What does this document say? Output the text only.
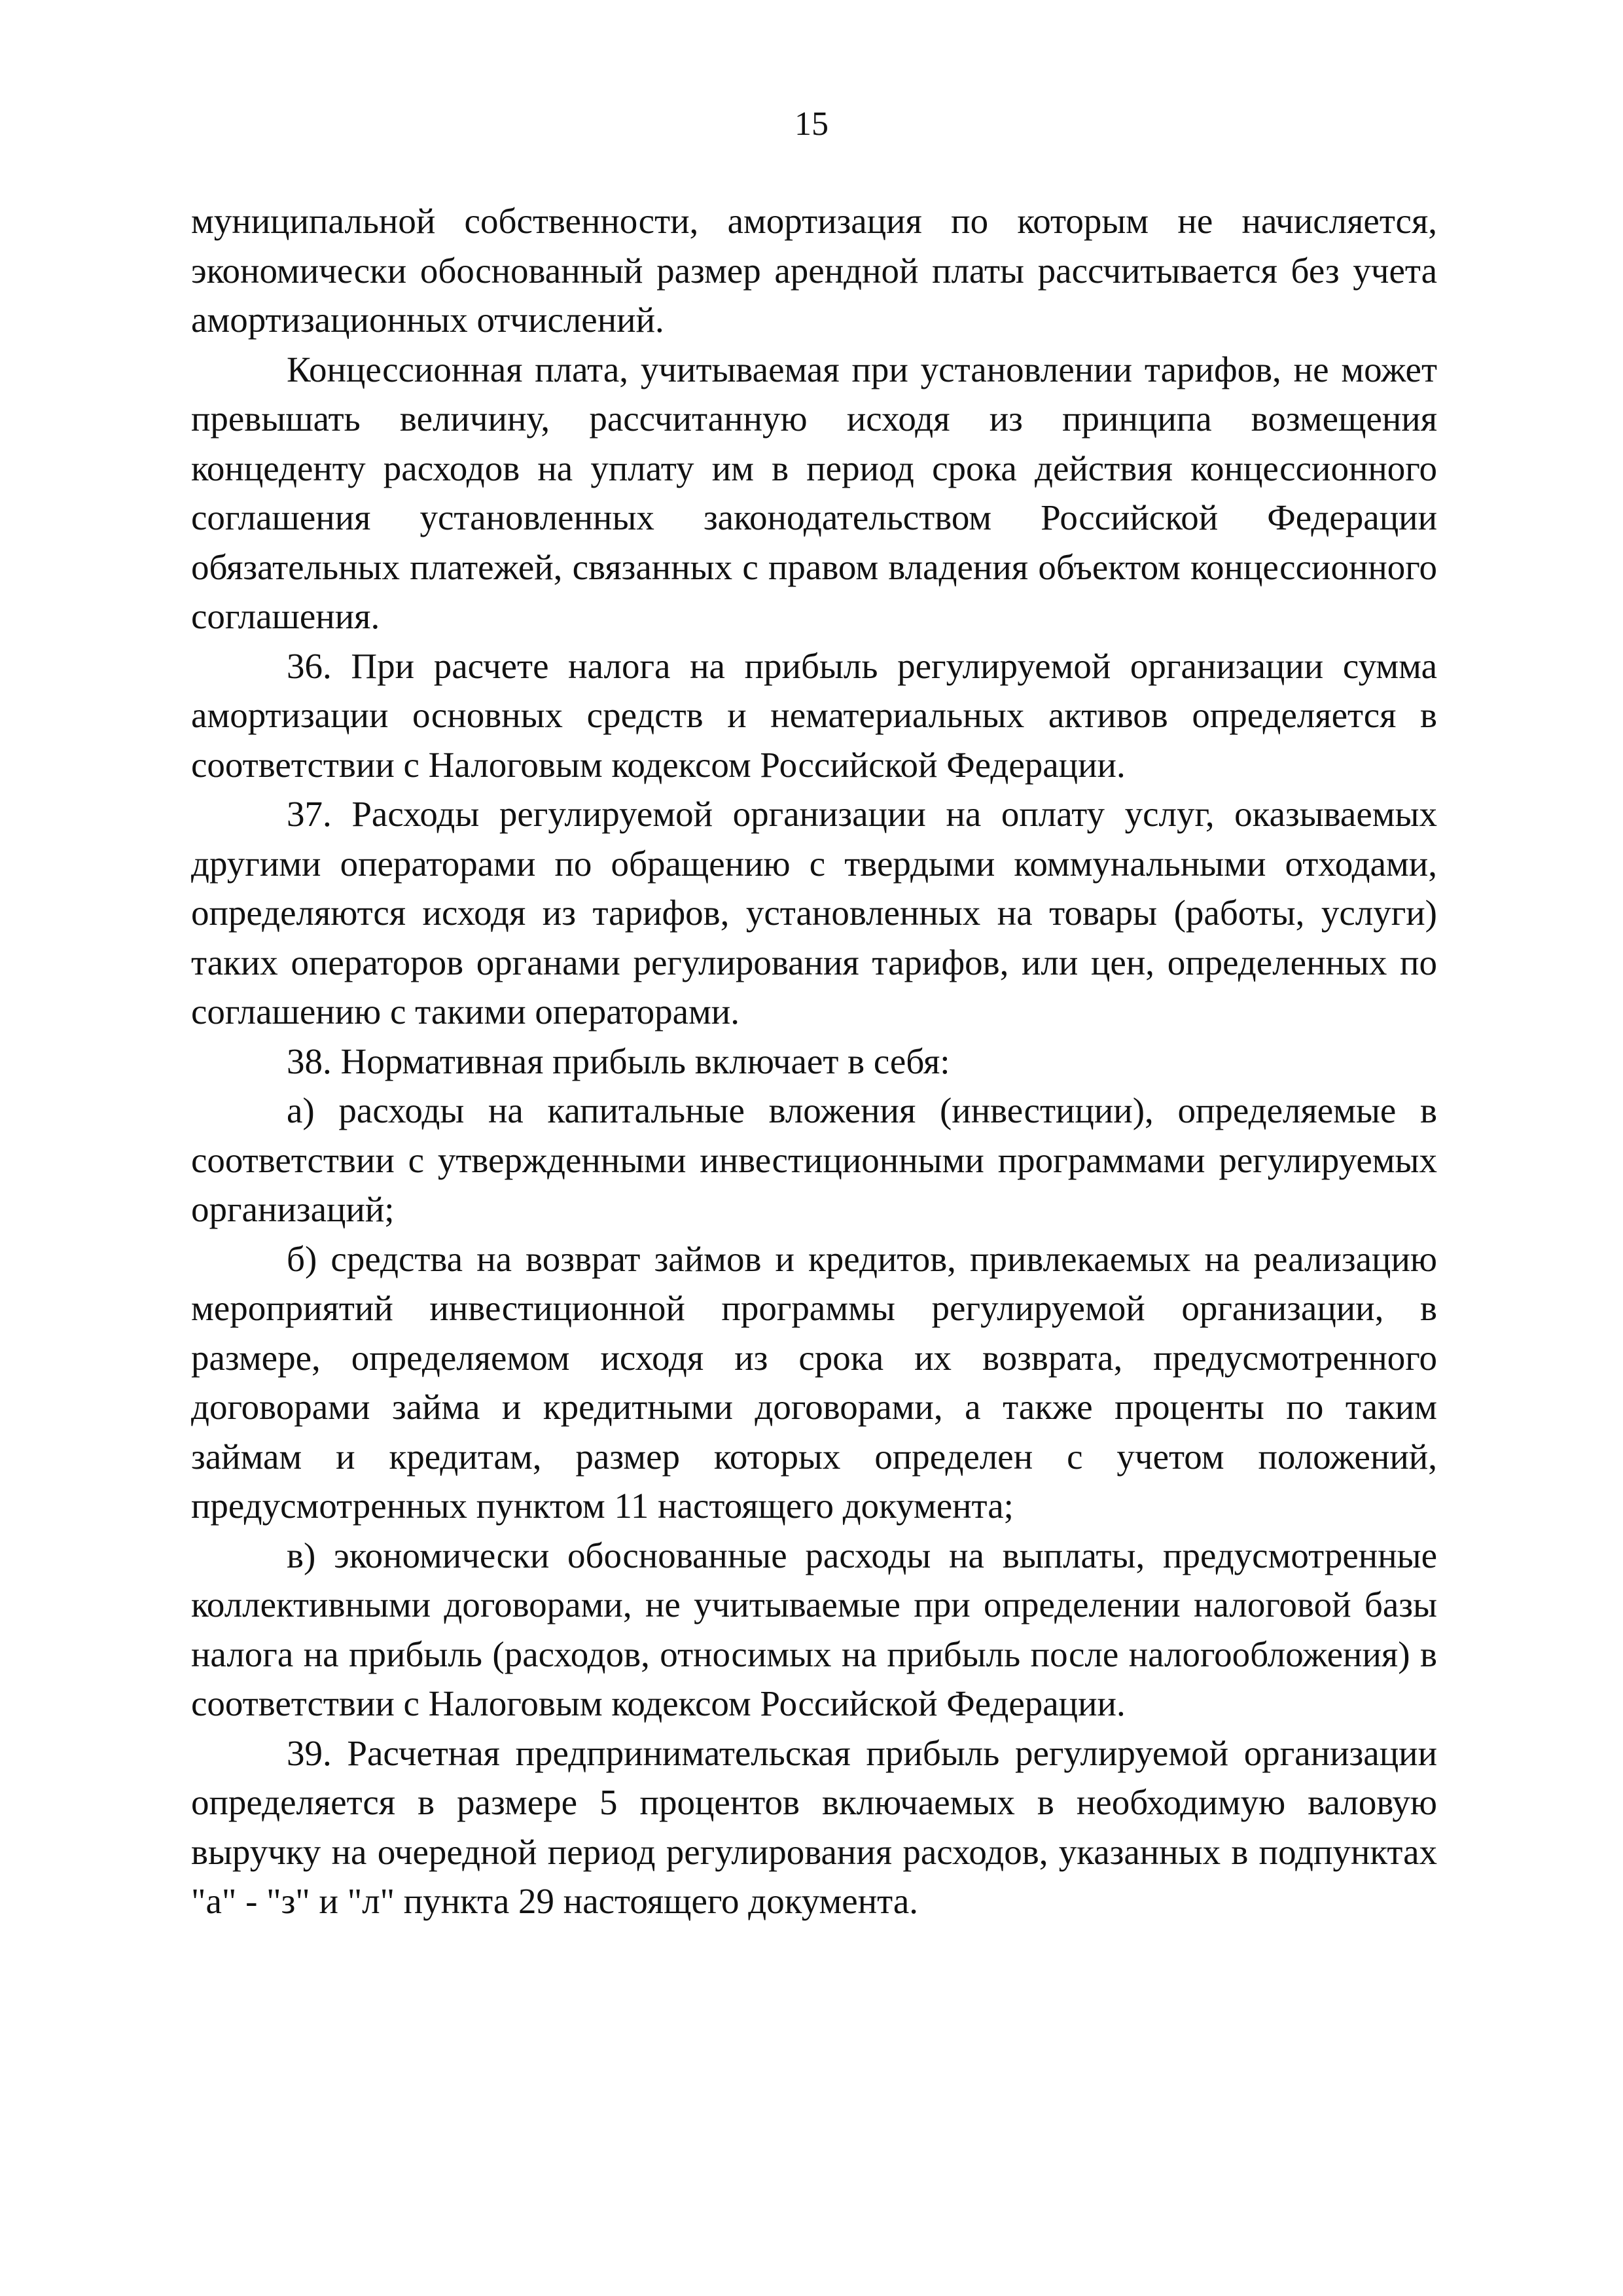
15

муниципальной собственности, амортизация по которым не начисляется, экономически обоснованный размер арендной платы рассчитывается без учета амортизационных отчислений.

Концессионная плата, учитываемая при установлении тарифов, не может превышать величину, рассчитанную исходя из принципа возмещения концеденту расходов на уплату им в период срока действия концессионного соглашения установленных законодательством Российской Федерации обязательных платежей, связанных с правом владения объектом концессионного соглашения.

36. При расчете налога на прибыль регулируемой организации сумма амортизации основных средств и нематериальных активов определяется в соответствии с Налоговым кодексом Российской Федерации.

37. Расходы регулируемой организации на оплату услуг, оказываемых другими операторами по обращению с твердыми коммунальными отходами, определяются исходя из тарифов, установленных на товары (работы, услуги) таких операторов органами регулирования тарифов, или цен, определенных по соглашению с такими операторами.

38. Нормативная прибыль включает в себя:

а) расходы на капитальные вложения (инвестиции), определяемые в соответствии с утвержденными инвестиционными программами регулируемых организаций;

б) средства на возврат займов и кредитов, привлекаемых на реализацию мероприятий инвестиционной программы регулируемой организации, в размере, определяемом исходя из срока их возврата, предусмотренного договорами займа и кредитными договорами, а также проценты по таким займам и кредитам, размер которых определен с учетом положений, предусмотренных пунктом 11 настоящего документа;

в) экономически обоснованные расходы на выплаты, предусмотренные коллективными договорами, не учитываемые при определении налоговой базы налога на прибыль (расходов, относимых на прибыль после налогообложения) в соответствии с Налоговым кодексом Российской Федерации.

39. Расчетная предпринимательская прибыль регулируемой организации определяется в размере 5 процентов включаемых в необходимую валовую выручку на очередной период регулирования расходов, указанных в подпунктах "а" - "з" и "л" пункта 29 настоящего документа.
